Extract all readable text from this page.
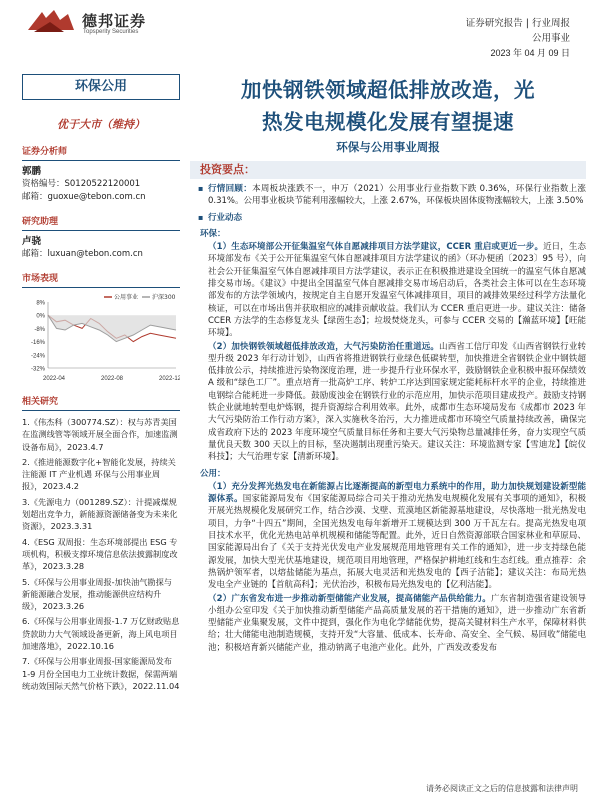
德邦证券
Topsperity Securities
证券研究报告 | 行业周报
公用事业
2023 年 04 月 09 日
环保公用
优于大市（维持）
证券分析师
郭鹏
资格编号：S0120522120001
邮箱：guoxue@tebon.com.cn
研究助理
卢骁
邮箱：luxuan@tebon.com.cn
市场表现
8%
0%
-8%
-16%
-24%
-32%
2022-04	2022-08	2022-12
公用事业 沪深300
相关研究
1.《伟杰科（300774.SZ）：权与苏青美国在监测线管等领域开展全面合作，加速监测设备布局》，2023.4.7
2.《推进能源数字化+智能化发展，持续关注能源 IT 产业机遇 环保与公用事业周报》，2023.4.2
3.《先源电力（001289.SZ）：汁提减煤规划超出竞争力，新能源资源储备变为未来化资源》，2023.3.31
4.《ESG 双周报：生态环境部提出 ESG 专项机构，积极支撑环境信息依法披露制度改革》，2023.3.28
5.《环保与公用事业周报-加快油气勘探与新能源融合发展，推动能源供应结构升级》，2023.3.26
6.《环保与公用事业周报-1.7 万亿财政贴息贷款助力大气领域设备更新，海上风电项目加速落地》，2022.10.16
7.《环保与公用事业周报-国家能源局发布 1-9 月份全国电力工业统计数据，保需两端统动效国际天然气价格下跌》，2022.11.04
加快钢铁领域超低排放改造，光
热发电规模化发展有望提速
环保与公用事业周报
投资要点：
▪ 行情回顾：本周板块涨跌不一，申万（2021）公用事业行业指数下跌 0.36%，环保行业指数上涨 0.31%。公用事业板块节能利用涨幅较大，上涨 2.67%，环保板块固体废物涨幅较大，上涨 3.50%
▪ 行业动态
环保：
（1）生态环境部公开征集温室气体自愿减排项目方法学建议，CCER 重启或更近一步。近日，生态环境部发布《关于公开征集温室气体自愿减排项目方法学建议的函》（环办便函〔2023〕95 号），向社会公开征集温室气体自愿减排项目方法学建议，表示正在积极推进建设全国统一的温室气体自愿减排交易市场。《建议》中提出全国温室气体自愿减排交易市场启动后，各类社会主体可以在生态环境部发布的方法学领域内，按规定自主自愿开发温室气体减排项目，项目的减排效果经过科学方法量化核证，可以在市场出售并获取相应的减排贡献收益。我们认为 CCER 重启更进一步。建议关注：储备 CCER 方法学的生态修复龙头【绿茵生态】；垃圾焚烧龙头，可参与 CCER 交易的【瀚蓝环境】【旺能环境】。
（2）加快钢铁领域超低排放改造，大气污染防治任重道远。山西省工信厅印发《山西省钢铁行业转型升级 2023 年行动计划》，山西省将推进钢铁行业绿色低碳转型，加快推进全省钢铁企业中钢铁超低排放公示，持续推进污染物深度治理，进一步提升行业环保水平，鼓励钢铁企业积极申报环保绩效 A 级和“绿色工厂”。重点培育一批高炉工序、转炉工序达到国家规定能耗标杆水平的企业，持续推进电钢综合能耗进一步降低。鼓励废浊金在钢铁行业的示范应用，加快示范项目建成投产。鼓励支持钢铁企业就地转型电炉炼钢，提升资源综合利用效率。此外，成都市生态环境局发布《成都市 2023 年大气污染防治工作行动方案》，深入实施秋冬治污，大力推进成都市环境空气质量持续改善，确保完成省政府下达的 2023 年度环境空气质量目标任务和主要大气污染物总量减排任务，奋力实现空气质量优良天数 300 天以上的目标，坚决遏制出现重污染天。建议关注：环境监测专家【雪迪龙】【皖仪科技】；大气治理专家【清新环境】。
公用：
（1）充分发挥光热发电在新能源占比逐渐提高的新型电力系统中的作用，助力加快规划建设新型能源体系。国家能源局发布《国家能源局综合司关于推动光热发电规模化发展有关事项的通知》，积极开展光热规模化发展研究工作，结合沙漠、戈壁、荒漠地区新能源基地建设，尽快落地一批光热发电项目，力争“十四五”期间，全国光热发电每年新增开工规模达到 300 万千瓦左右。提高光热发电项目技术水平，优化光热电站单机规模和储能等配置。此外，近日自然资源部联合国家林业和草原局、国家能源局出台了《关于支持光伏发电产业发展规范用地管理有关工作的通知》，进一步支持绿色能源发展，加快大型光伏基地建设，规范项目用地管理，严格保护耕地红线和生态红线。重点推荐：余热锅炉领军者，以熔盐储能为基点，拓展大电灵活和光热发电的【西子洁能】；建议关注：布局光热发电全产业链的【首航高科】；光伏治沙，积极布局光热发电的【亿利洁能】。
（2）广东省发布进一步推动新型储能产业发展，提高储能产品供给能力。广东省制造强省建设领导小组办公室印发《关于加快推动新型储能产品高质量发展的若干措施的通知》，进一步推动广东省新型储能产业集聚发展，文件中提到，强化作为电化学储能优势，提高关键材料生产水平，保障材料供给；壮大储能电池制造规模，支持开发“大容量、低成本、长寿命、高安全、全气候、易回收”储能电池；积极培育新兴储能产业，推动钠离子电池产业化。此外，广西发改委发布
请务必阅读正文之后的信息披露和法律声明
